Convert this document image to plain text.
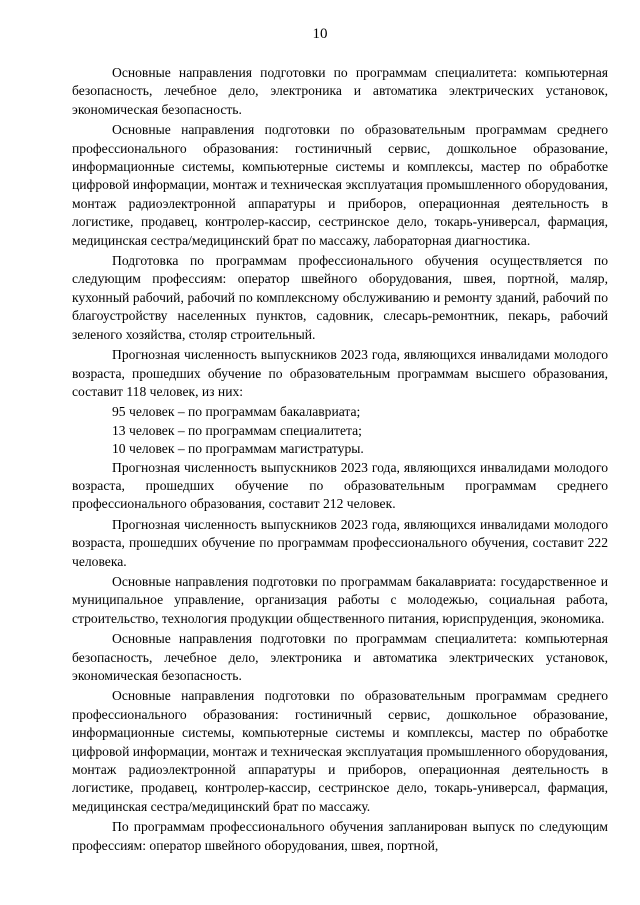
10

Основные направления подготовки по программам специалитета: компьютерная безопасность, лечебное дело, электроника и автоматика электрических установок, экономическая безопасность.

Основные направления подготовки по образовательным программам среднего профессионального образования: гостиничный сервис, дошкольное образование, информационные системы, компьютерные системы и комплексы, мастер по обработке цифровой информации, монтаж и техническая эксплуатация промышленного оборудования, монтаж радиоэлектронной аппаратуры и приборов, операционная деятельность в логистике, продавец, контролер-кассир, сестринское дело, токарь-универсал, фармация, медицинская сестра/медицинский брат по массажу, лабораторная диагностика.

Подготовка по программам профессионального обучения осуществляется по следующим профессиям: оператор швейного оборудования, швея, портной, маляр, кухонный рабочий, рабочий по комплексному обслуживанию и ремонту зданий, рабочий по благоустройству населенных пунктов, садовник, слесарь-ремонтник, пекарь, рабочий зеленого хозяйства, столяр строительный.

Прогнозная численность выпускников 2023 года, являющихся инвалидами молодого возраста, прошедших обучение по образовательным программам высшего образования, составит 118 человек, из них:

95 человек – по программам бакалавриата;

13 человек – по программам специалитета;

10 человек – по программам магистратуры.

Прогнозная численность выпускников 2023 года, являющихся инвалидами молодого возраста, прошедших обучение по образовательным программам среднего профессионального образования, составит 212 человек.

Прогнозная численность выпускников 2023 года, являющихся инвалидами молодого возраста, прошедших обучение по программам профессионального обучения, составит 222 человека.

Основные направления подготовки по программам бакалавриата: государственное и муниципальное управление, организация работы с молодежью, социальная работа, строительство, технология продукции общественного питания, юриспруденция, экономика.

Основные направления подготовки по программам специалитета: компьютерная безопасность, лечебное дело, электроника и автоматика электрических установок, экономическая безопасность.

Основные направления подготовки по образовательным программам среднего профессионального образования: гостиничный сервис, дошкольное образование, информационные системы, компьютерные системы и комплексы, мастер по обработке цифровой информации, монтаж и техническая эксплуатация промышленного оборудования, монтаж радиоэлектронной аппаратуры и приборов, операционная деятельность в логистике, продавец, контролер-кассир, сестринское дело, токарь-универсал, фармация, медицинская сестра/медицинский брат по массажу.

По программам профессионального обучения запланирован выпуск по следующим профессиям: оператор швейного оборудования, швея, портной,
